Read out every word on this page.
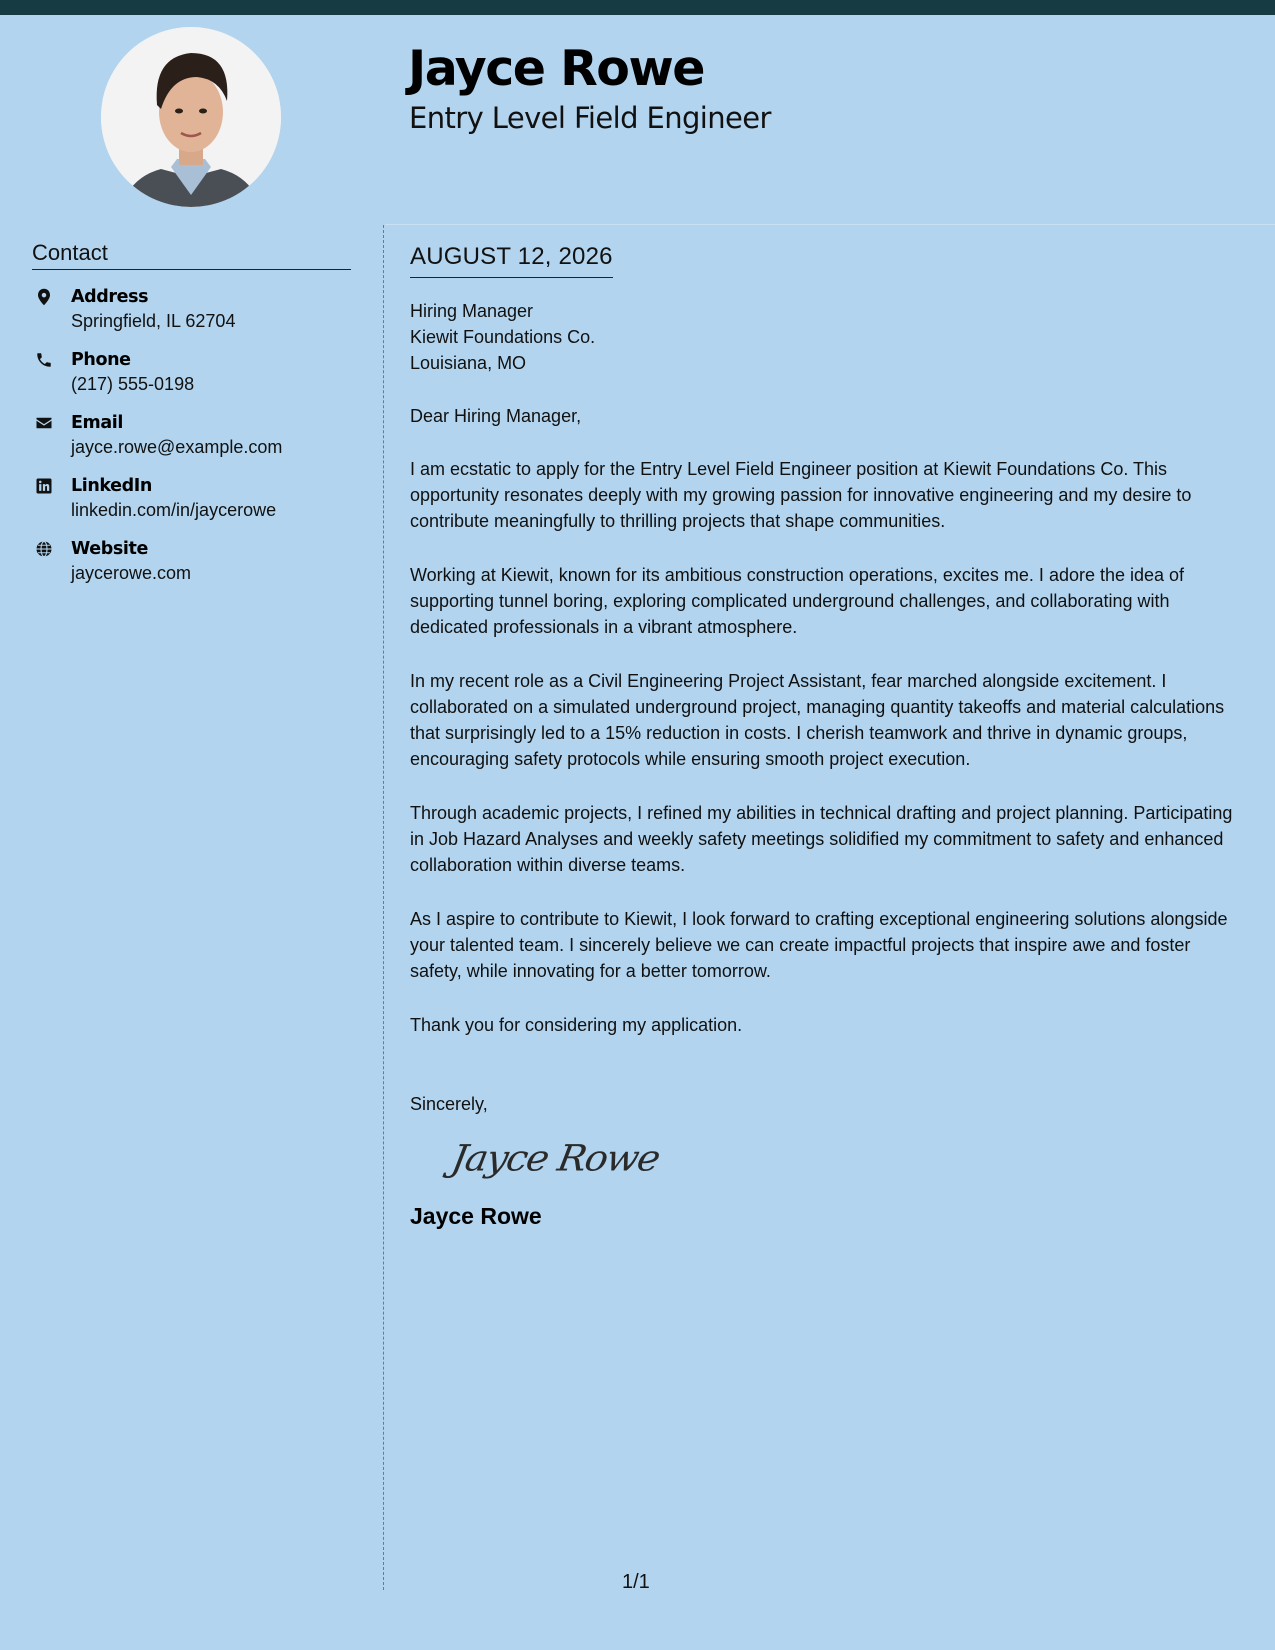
Jayce Rowe
Entry Level Field Engineer
Contact
Address
Springfield, IL 62704
Phone
(217) 555-0198
Email
jayce.rowe@example.com
LinkedIn
linkedin.com/in/jaycerowe
Website
jaycerowe.com
AUGUST 12, 2026
Hiring Manager
Kiewit Foundations Co.
Louisiana, MO
Dear Hiring Manager,

I am ecstatic to apply for the Entry Level Field Engineer position at Kiewit Foundations Co. This opportunity resonates deeply with my growing passion for innovative engineering and my desire to contribute meaningfully to thrilling projects that shape communities.

Working at Kiewit, known for its ambitious construction operations, excites me. I adore the idea of supporting tunnel boring, exploring complicated underground challenges, and collaborating with dedicated professionals in a vibrant atmosphere.

In my recent role as a Civil Engineering Project Assistant, fear marched alongside excitement. I collaborated on a simulated underground project, managing quantity takeoffs and material calculations that surprisingly led to a 15% reduction in costs. I cherish teamwork and thrive in dynamic groups, encouraging safety protocols while ensuring smooth project execution.

Through academic projects, I refined my abilities in technical drafting and project planning. Participating in Job Hazard Analyses and weekly safety meetings solidified my commitment to safety and enhanced collaboration within diverse teams.

As I aspire to contribute to Kiewit, I look forward to crafting exceptional engineering solutions alongside your talented team. I sincerely believe we can create impactful projects that inspire awe and foster safety, while innovating for a better tomorrow.

Thank you for considering my application.
Sincerely,
Jayce Rowe
Jayce Rowe
1/1
